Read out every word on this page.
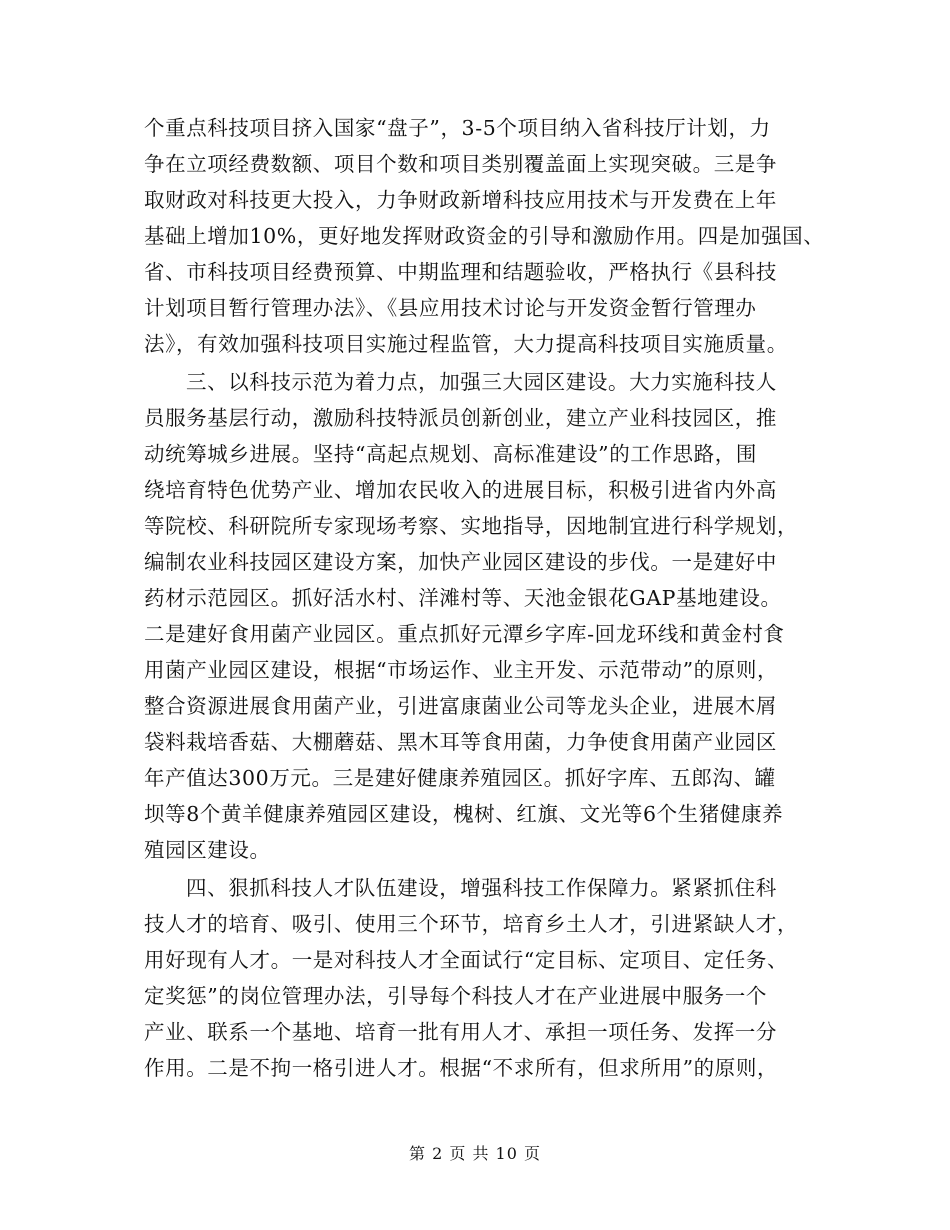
个重点科技项目挤入国家“盘子”，3-5个项目纳入省科技厅计划，力
争在立项经费数额、项目个数和项目类别覆盖面上实现突破。三是争
取财政对科技更大投入，力争财政新增科技应用技术与开发费在上年
基础上增加10%，更好地发挥财政资金的引导和激励作用。四是加强国、
省、市科技项目经费预算、中期监理和结题验收，严格执行《县科技
计划项目暂行管理办法》、《县应用技术讨论与开发资金暂行管理办
法》，有效加强科技项目实施过程监管，大力提高科技项目实施质量。
三、以科技示范为着力点，加强三大园区建设。大力实施科技人
员服务基层行动，激励科技特派员创新创业，建立产业科技园区，推
动统筹城乡进展。坚持“高起点规划、高标准建设”的工作思路，围
绕培育特色优势产业、增加农民收入的进展目标，积极引进省内外高
等院校、科研院所专家现场考察、实地指导，因地制宜进行科学规划，
编制农业科技园区建设方案，加快产业园区建设的步伐。一是建好中
药材示范园区。抓好活水村、洋滩村等、天池金银花GAP基地建设。
二是建好食用菌产业园区。重点抓好元潭乡字库-回龙环线和黄金村食
用菌产业园区建设，根据“市场运作、业主开发、示范带动”的原则，
整合资源进展食用菌产业，引进富康菌业公司等龙头企业，进展木屑
袋料栽培香菇、大棚蘑菇、黑木耳等食用菌，力争使食用菌产业园区
年产值达300万元。三是建好健康养殖园区。抓好字库、五郎沟、罐
坝等8个黄羊健康养殖园区建设，槐树、红旗、文光等6个生猪健康养
殖园区建设。
四、狠抓科技人才队伍建设，增强科技工作保障力。紧紧抓住科
技人才的培育、吸引、使用三个环节，培育乡土人才，引进紧缺人才，
用好现有人才。一是对科技人才全面试行“定目标、定项目、定任务、
定奖惩”的岗位管理办法，引导每个科技人才在产业进展中服务一个
产业、联系一个基地、培育一批有用人才、承担一项任务、发挥一分
作用。二是不拘一格引进人才。根据“不求所有，但求所用”的原则，
第 2 页 共 10 页
